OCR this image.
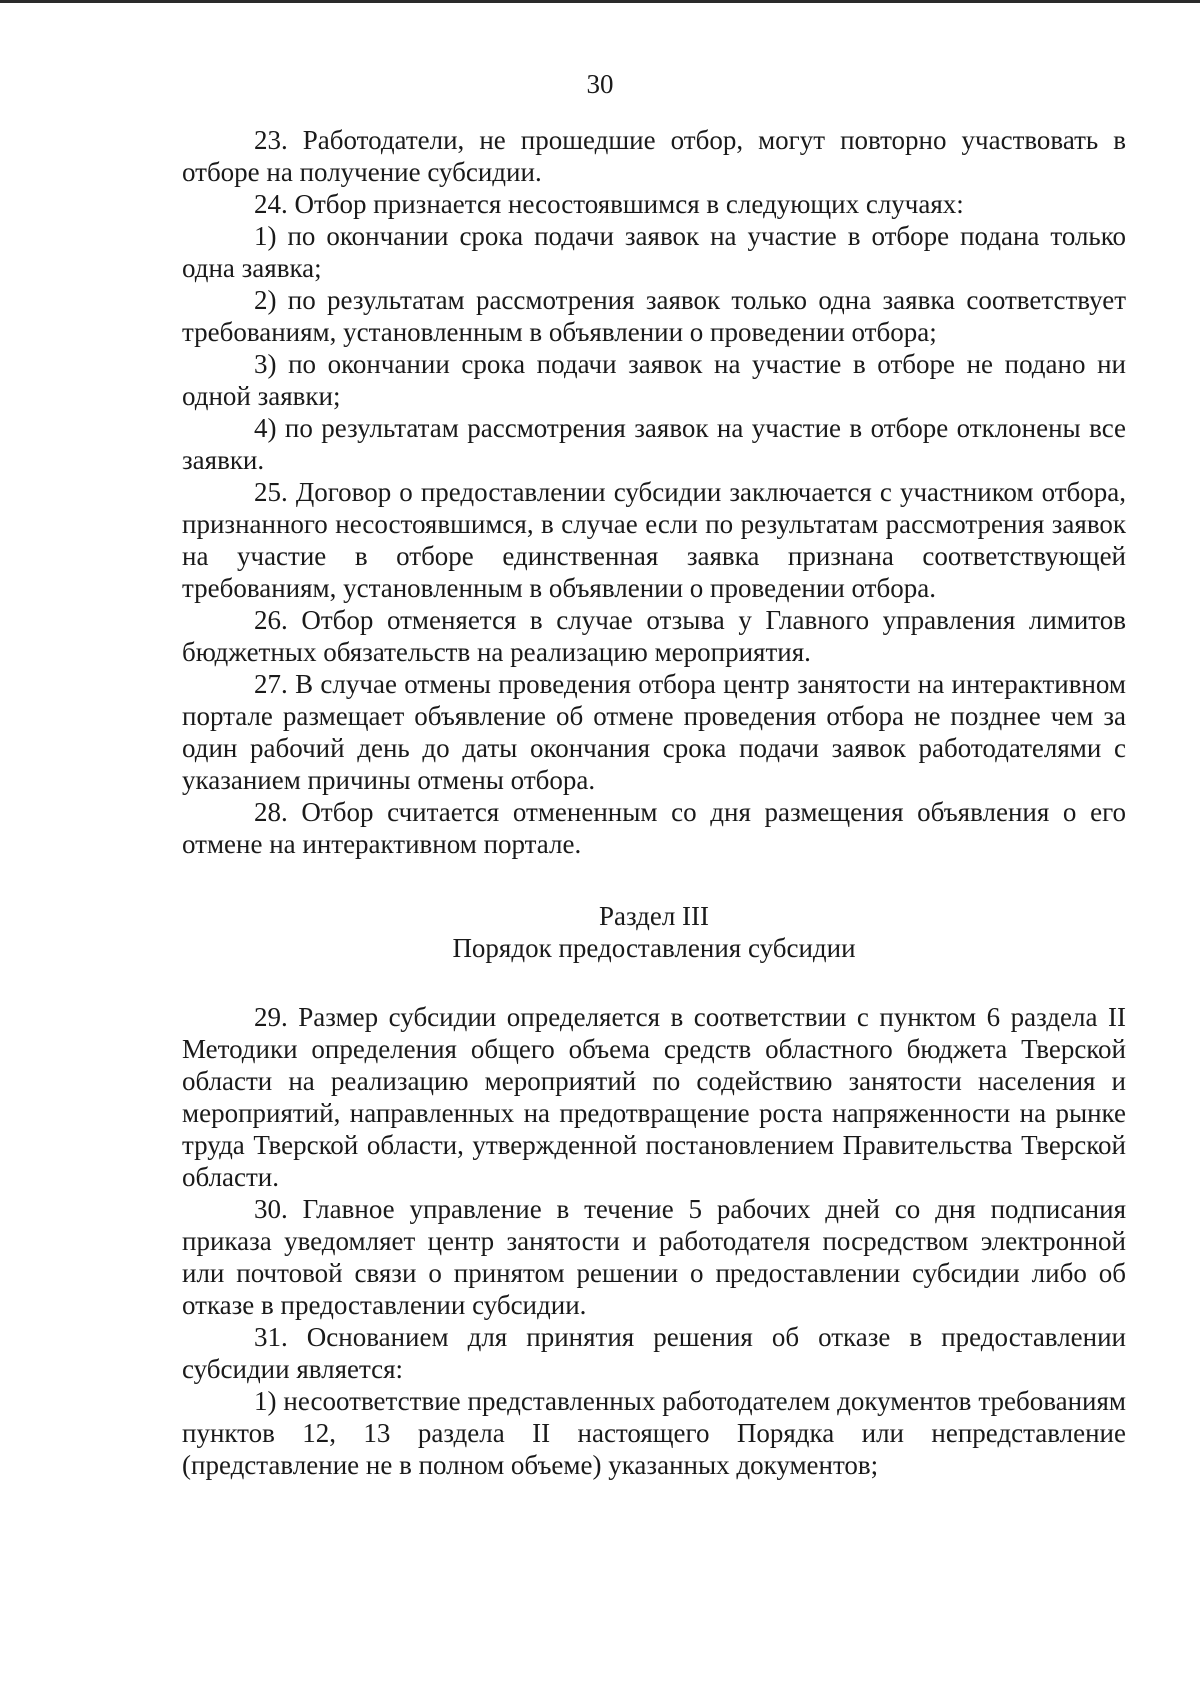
30

23. Работодатели, не прошедшие отбор, могут повторно участвовать в отборе на получение субсидии.

24. Отбор признается несостоявшимся в следующих случаях:

1) по окончании срока подачи заявок на участие в отборе подана только одна заявка;

2) по результатам рассмотрения заявок только одна заявка соответствует требованиям, установленным в объявлении о проведении отбора;

3) по окончании срока подачи заявок на участие в отборе не подано ни одной заявки;

4) по результатам рассмотрения заявок на участие в отборе отклонены все заявки.

25. Договор о предоставлении субсидии заключается с участником отбора, признанного несостоявшимся, в случае если по результатам рассмотрения заявок на участие в отборе единственная заявка признана соответствующей требованиям, установленным в объявлении о проведении отбора.

26. Отбор отменяется в случае отзыва у Главного управления лимитов бюджетных обязательств на реализацию мероприятия.

27. В случае отмены проведения отбора центр занятости на интерактивном портале размещает объявление об отмене проведения отбора не позднее чем за один рабочий день до даты окончания срока подачи заявок работодателями с указанием причины отмены отбора.

28. Отбор считается отмененным со дня размещения объявления о его отмене на интерактивном портале.

Раздел III
Порядок предоставления субсидии

29. Размер субсидии определяется в соответствии с пунктом 6 раздела II Методики определения общего объема средств областного бюджета Тверской области на реализацию мероприятий по содействию занятости населения и мероприятий, направленных на предотвращение роста напряженности на рынке труда Тверской области, утвержденной постановлением Правительства Тверской области.

30. Главное управление в течение 5 рабочих дней со дня подписания приказа уведомляет центр занятости и работодателя посредством электронной или почтовой связи о принятом решении о предоставлении субсидии либо об отказе в предоставлении субсидии.

31. Основанием для принятия решения об отказе в предоставлении субсидии является:

1) несоответствие представленных работодателем документов требованиям пунктов 12, 13 раздела II настоящего Порядка или непредставление (представление не в полном объеме) указанных документов;
